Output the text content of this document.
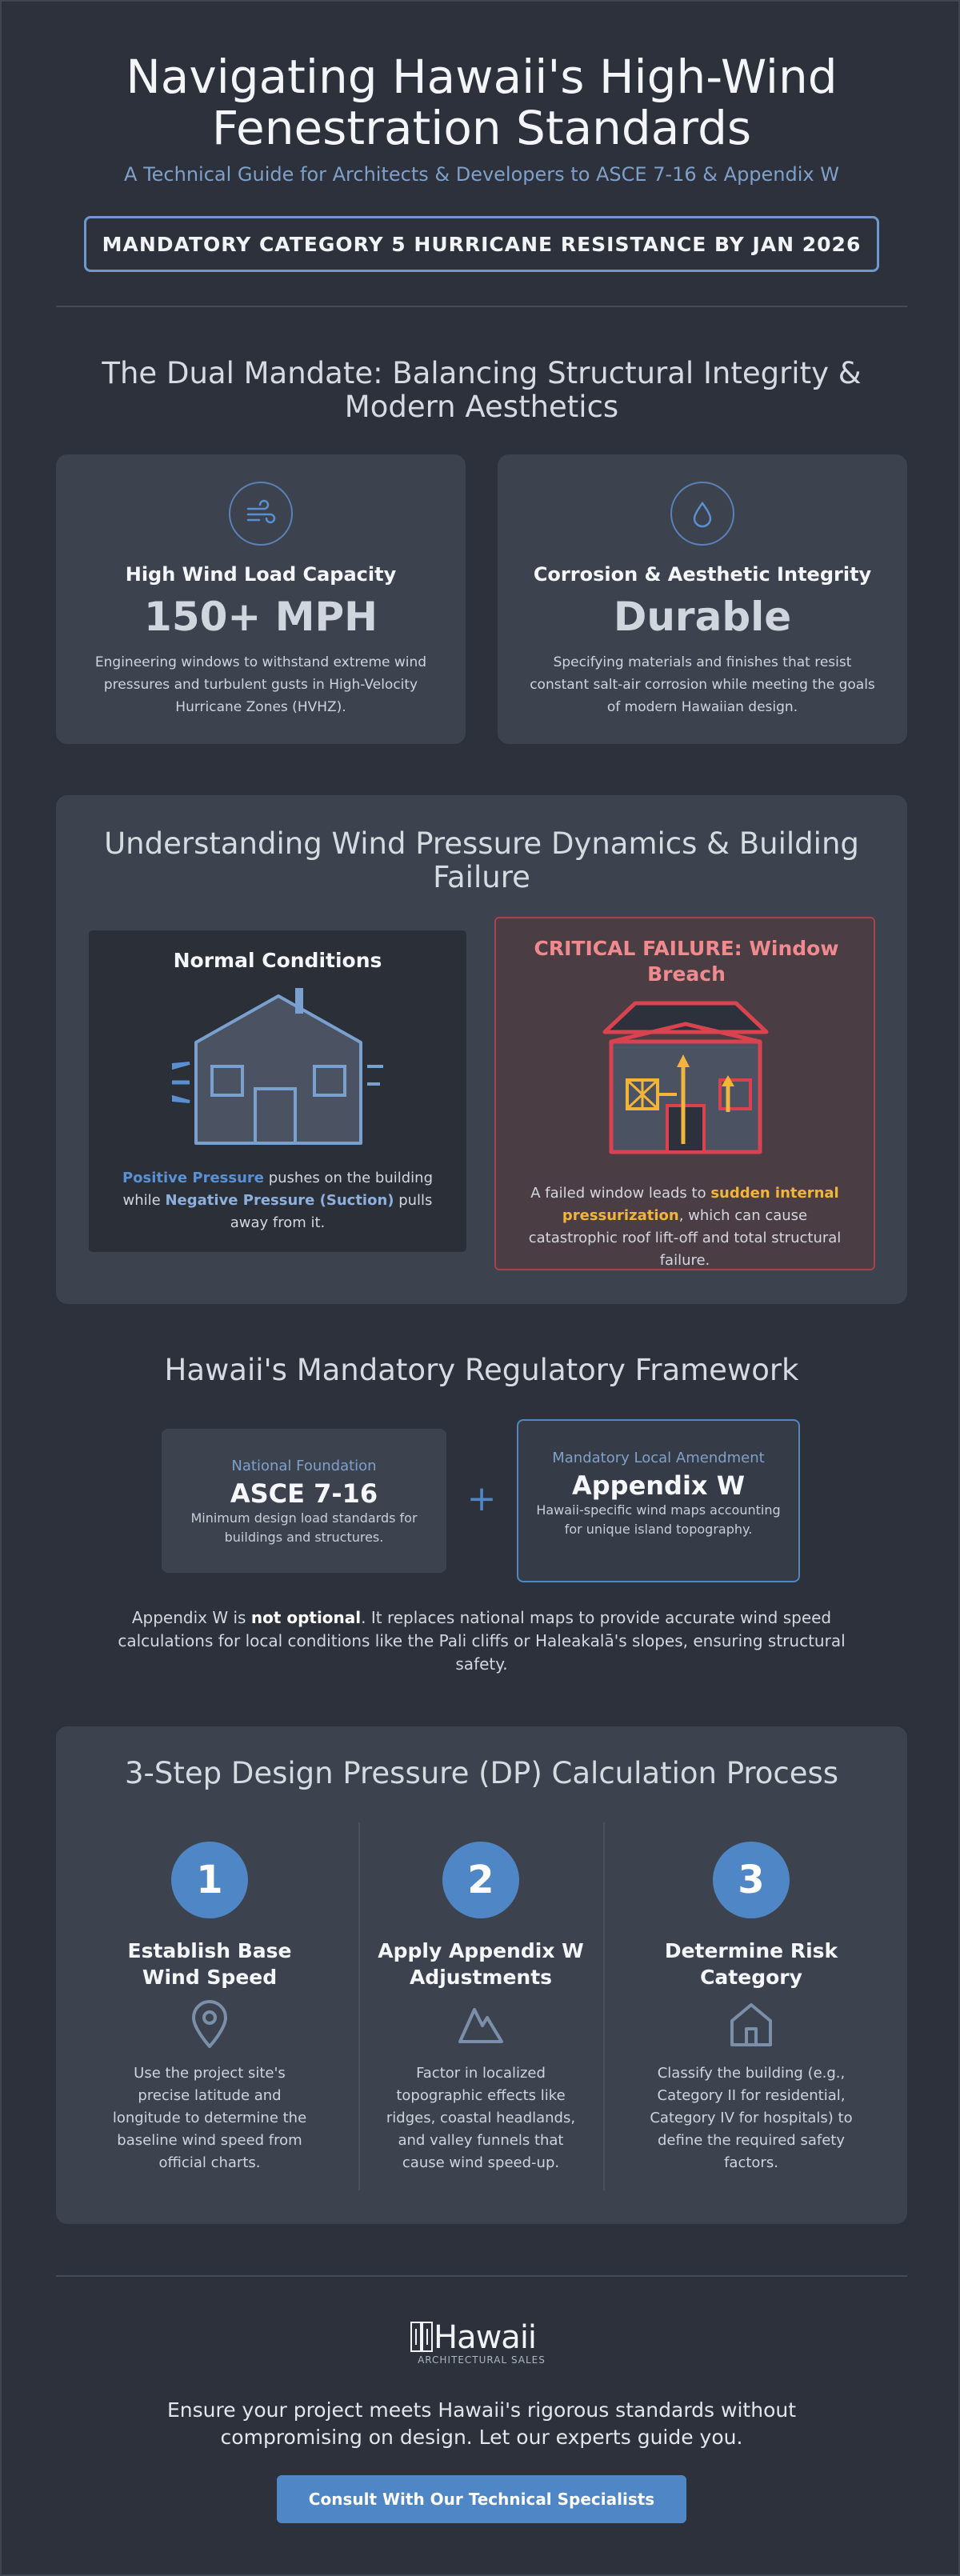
Navigating Hawaii's High-Wind Fenestration Standards

A Technical Guide for Architects & Developers to ASCE 7-16 & Appendix W

MANDATORY CATEGORY 5 HURRICANE RESISTANCE BY JAN 2026
The Dual Mandate: Balancing Structural Integrity & Modern Aesthetics
High Wind Load Capacity
150+ MPH
Engineering windows to withstand extreme wind pressures and turbulent gusts in High-Velocity Hurricane Zones (HVHZ).
Corrosion & Aesthetic Integrity
Durable
Specifying materials and finishes that resist constant salt-air corrosion while meeting the goals of modern Hawaiian design.
Understanding Wind Pressure Dynamics & Building Failure
Normal Conditions
Positive Pressure pushes on the building while Negative Pressure (Suction) pulls away from it.
CRITICAL FAILURE: Window Breach
A failed window leads to sudden internal pressurization, which can cause catastrophic roof lift-off and total structural failure.
Hawaii's Mandatory Regulatory Framework
National Foundation
ASCE 7-16
Minimum design load standards for buildings and structures.
+
Mandatory Local Amendment
Appendix W
Hawaii-specific wind maps accounting for unique island topography.
Appendix W is not optional. It replaces national maps to provide accurate wind speed calculations for local conditions like the Pali cliffs or Haleakalā's slopes, ensuring structural safety.
3-Step Design Pressure (DP) Calculation Process
1
Establish Base Wind Speed
Use the project site's precise latitude and longitude to determine the baseline wind speed from official charts.
2
Apply Appendix W Adjustments
Factor in localized topographic effects like ridges, coastal headlands, and valley funnels that cause wind speed-up.
3
Determine Risk Category
Classify the building (e.g., Category II for residential, Category IV for hospitals) to define the required safety factors.
Hawaii
ARCHITECTURAL SALES
Ensure your project meets Hawaii's rigorous standards without compromising on design. Let our experts guide you.
Consult With Our Technical Specialists
